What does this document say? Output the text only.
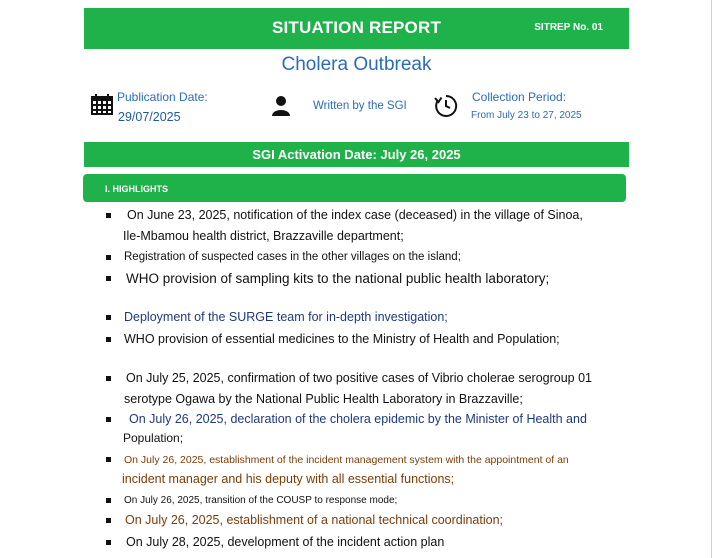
SITUATION REPORT	SITREP No. 01
Cholera Outbreak
Publication Date:
29/07/2025
Written by the SGI
Collection Period:
From July 23 to 27, 2025
SGI Activation Date: July 26, 2025
I. HIGHLIGHTS
On June 23, 2025, notification of the index case (deceased) in the village of Sinoa,
Ile-Mbamou health district, Brazzaville department;
Registration of suspected cases in the other villages on the island;
WHO provision of sampling kits to the national public health laboratory;
Deployment of the SURGE team for in-depth investigation;
WHO provision of essential medicines to the Ministry of Health and Population;
On July 25, 2025, confirmation of two positive cases of Vibrio cholerae serogroup 01
serotype Ogawa by the National Public Health Laboratory in Brazzaville;
On July 26, 2025, declaration of the cholera epidemic by the Minister of Health and
Population;
On July 26, 2025, establishment of the incident management system with the appointment of an
incident manager and his deputy with all essential functions;
On July 26, 2025, transition of the COUSP to response mode;
On July 26, 2025, establishment of a national technical coordination;
On July 28, 2025, development of the incident action plan
